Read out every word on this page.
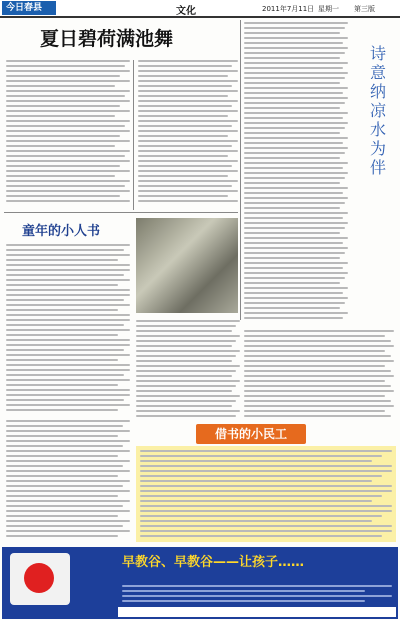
今日春县	文化	2011年7月11日 星期一 第三版
夏日碧荷满池舞
诗
意
纳
凉
水
为
伴
童年的小人书
借书的小民工
早教谷、早教谷——让孩子……
